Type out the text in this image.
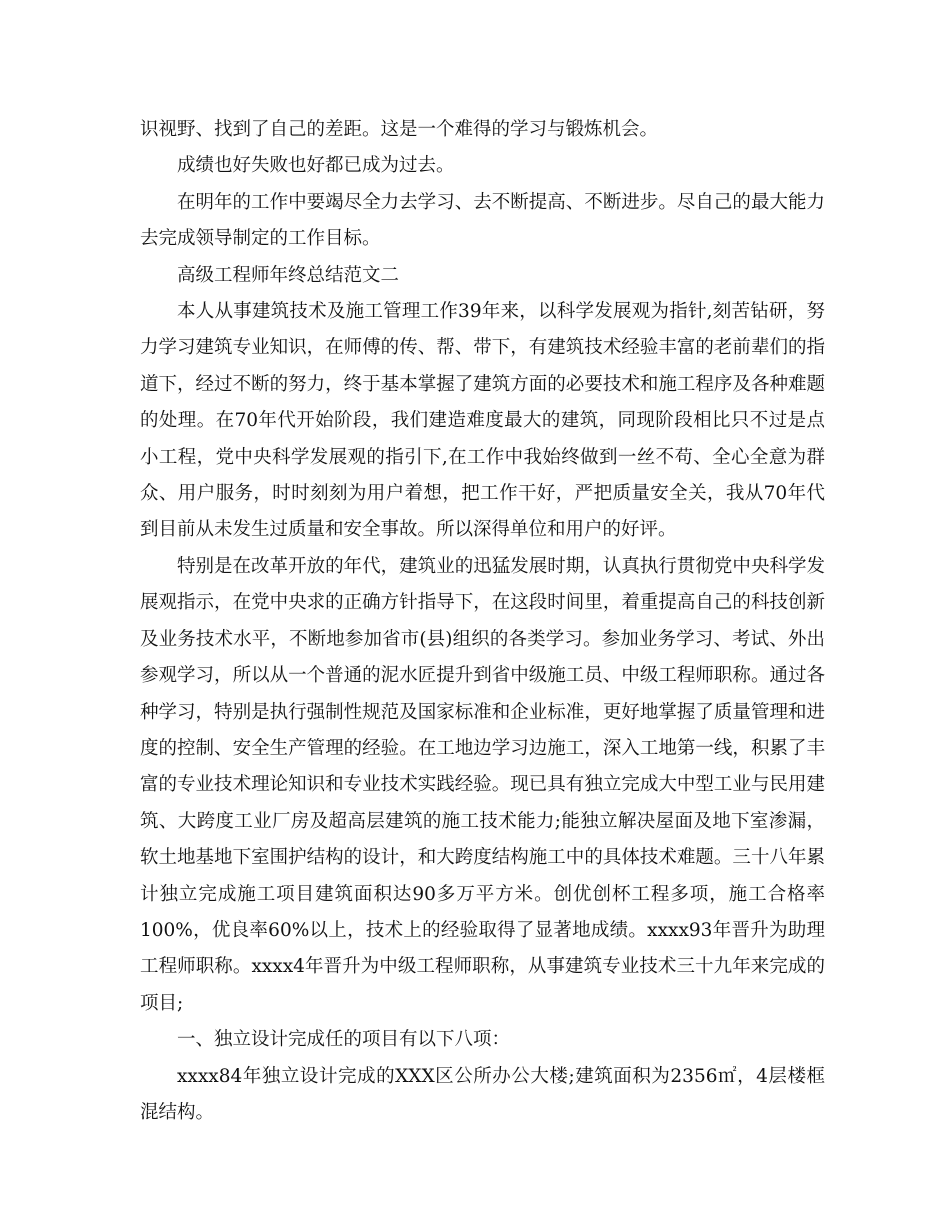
识视野、找到了自己的差距。这是一个难得的学习与锻炼机会。

成绩也好失败也好都已成为过去。

在明年的工作中要竭尽全力去学习、去不断提高、不断进步。尽自己的最大能力去完成领导制定的工作目标。

高级工程师年终总结范文二

本人从事建筑技术及施工管理工作39年来，以科学发展观为指针,刻苦钻研，努力学习建筑专业知识，在师傅的传、帮、带下，有建筑技术经验丰富的老前辈们的指道下，经过不断的努力，终于基本掌握了建筑方面的必要技术和施工程序及各种难题的处理。在70年代开始阶段，我们建造难度最大的建筑，同现阶段相比只不过是点小工程，党中央科学发展观的指引下,在工作中我始终做到一丝不苟、全心全意为群众、用户服务，时时刻刻为用户着想，把工作干好，严把质量安全关，我从70年代到目前从未发生过质量和安全事故。所以深得单位和用户的好评。

特别是在改革开放的年代，建筑业的迅猛发展时期，认真执行贯彻党中央科学发展观指示，在党中央求的正确方针指导下，在这段时间里，着重提高自己的科技创新及业务技术水平，不断地参加省市(县)组织的各类学习。参加业务学习、考试、外出参观学习，所以从一个普通的泥水匠提升到省中级施工员、中级工程师职称。通过各种学习，特别是执行强制性规范及国家标准和企业标准，更好地掌握了质量管理和进度的控制、安全生产管理的经验。在工地边学习边施工，深入工地第一线，积累了丰富的专业技术理论知识和专业技术实践经验。现已具有独立完成大中型工业与民用建筑、大跨度工业厂房及超高层建筑的施工技术能力;能独立解决屋面及地下室渗漏，软土地基地下室围护结构的设计，和大跨度结构施工中的具体技术难题。三十八年累计独立完成施工项目建筑面积达90多万平方米。创优创杯工程多项，施工合格率100%，优良率60%以上，技术上的经验取得了显著地成绩。xxxx93年晋升为助理工程师职称。xxxx4年晋升为中级工程师职称，从事建筑专业技术三十九年来完成的项目;

一、独立设计完成任的项目有以下八项：

xxxx84年独立设计完成的XXX区公所办公大楼;建筑面积为2356㎡，4层楼框混结构。
